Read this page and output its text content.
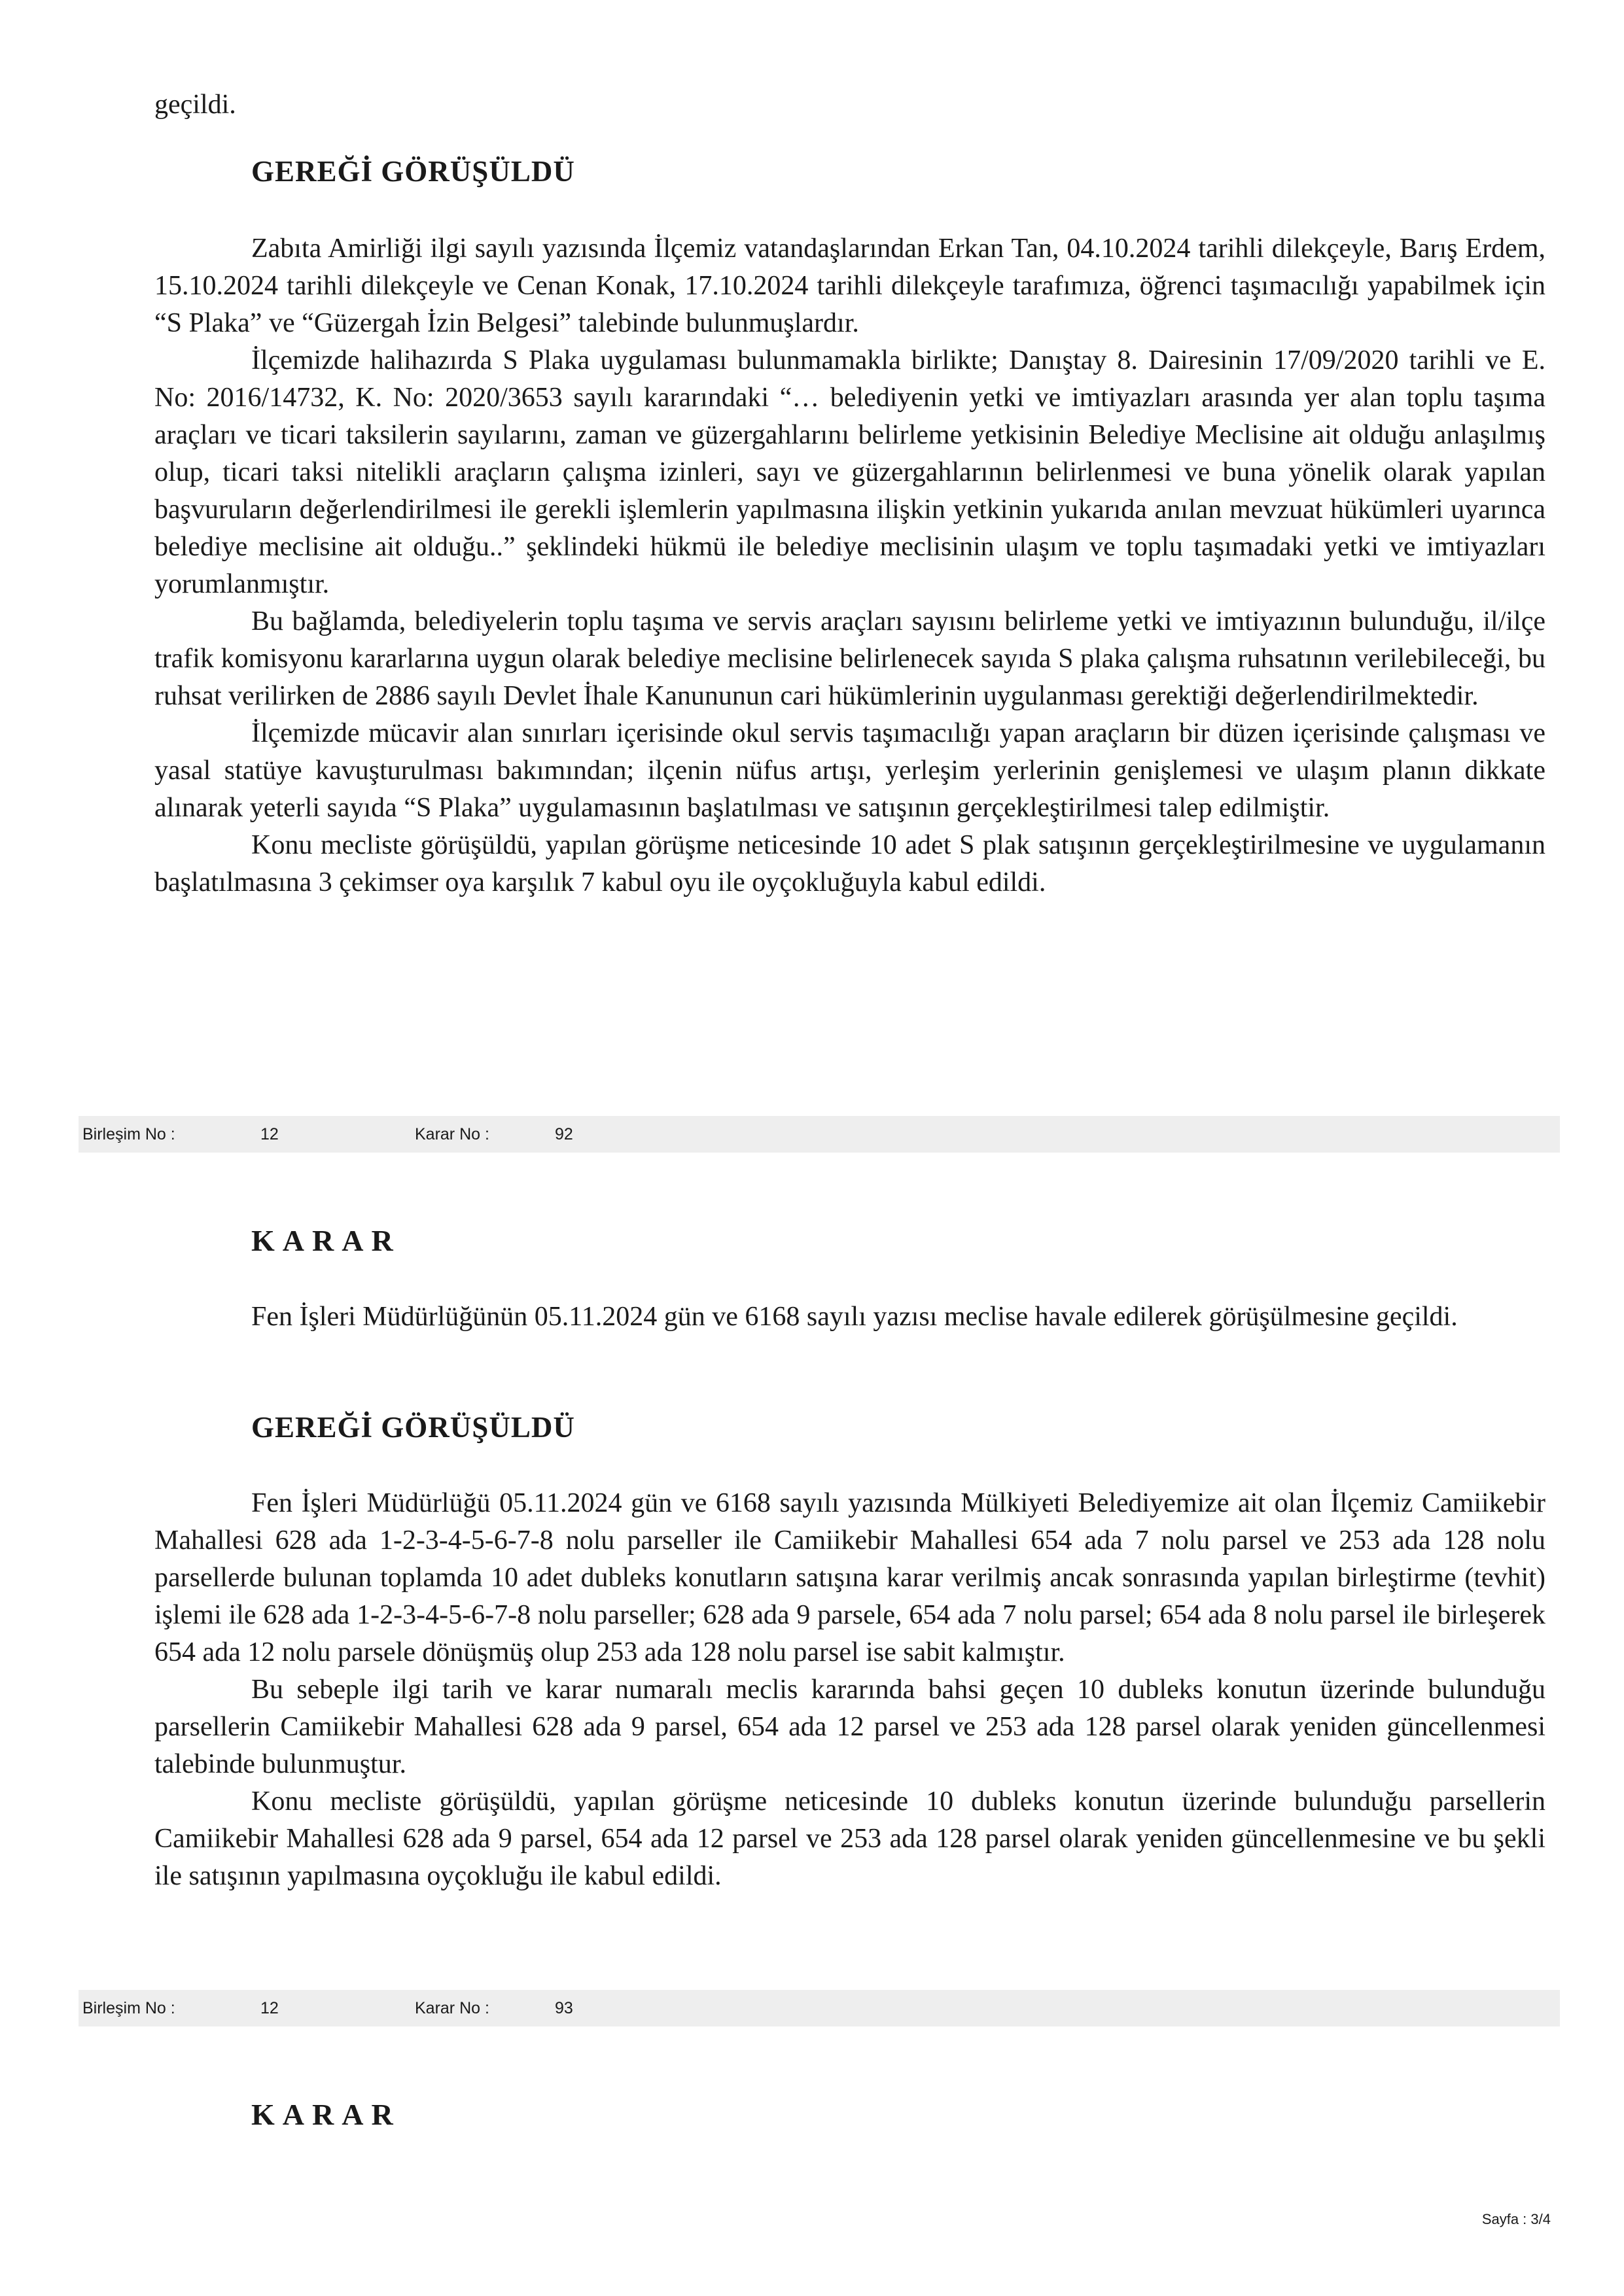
geçildi.

GEREĞİ GÖRÜŞÜLDÜ

Zabıta Amirliği ilgi sayılı yazısında İlçemiz vatandaşlarından Erkan Tan, 04.10.2024 tarihli dilekçeyle, Barış Erdem, 15.10.2024 tarihli dilekçeyle ve Cenan Konak, 17.10.2024 tarihli dilekçeyle tarafımıza, öğrenci taşımacılığı yapabilmek için “S Plaka” ve “Güzergah İzin Belgesi” talebinde bulunmuşlardır.

İlçemizde halihazırda S Plaka uygulaması bulunmamakla birlikte; Danıştay 8. Dairesinin 17/09/2020 tarihli ve E. No: 2016/14732, K. No: 2020/3653 sayılı kararındaki “… belediyenin yetki ve imtiyazları arasında yer alan toplu taşıma araçları ve ticari taksilerin sayılarını, zaman ve güzergahlarını belirleme yetkisinin Belediye Meclisine ait olduğu anlaşılmış olup, ticari taksi nitelikli araçların çalışma izinleri, sayı ve güzergahlarının belirlenmesi ve buna yönelik olarak yapılan başvuruların değerlendirilmesi ile gerekli işlemlerin yapılmasına ilişkin yetkinin yukarıda anılan mevzuat hükümleri uyarınca belediye meclisine ait olduğu..” şeklindeki hükmü ile belediye meclisinin ulaşım ve toplu taşımadaki yetki ve imtiyazları yorumlanmıştır.

Bu bağlamda, belediyelerin toplu taşıma ve servis araçları sayısını belirleme yetki ve imtiyazının bulunduğu, il/ilçe trafik komisyonu kararlarına uygun olarak belediye meclisine belirlenecek sayıda S plaka çalışma ruhsatının verilebileceği, bu ruhsat verilirken de 2886 sayılı Devlet İhale Kanununun cari hükümlerinin uygulanması gerektiği değerlendirilmektedir.

İlçemizde mücavir alan sınırları içerisinde okul servis taşımacılığı yapan araçların bir düzen içerisinde çalışması ve yasal statüye kavuşturulması bakımından; ilçenin nüfus artışı, yerleşim yerlerinin genişlemesi ve ulaşım planın dikkate alınarak yeterli sayıda “S Plaka” uygulamasının başlatılması ve satışının gerçekleştirilmesi talep edilmiştir.

Konu mecliste görüşüldü, yapılan görüşme neticesinde 10 adet S plak satışının gerçekleştirilmesine ve uygulamanın başlatılmasına 3 çekimser oya karşılık 7 kabul oyu ile oyçokluğuyla kabul edildi.

Birleşim No :	12	Karar No :	92
KARAR

Fen İşleri Müdürlüğünün 05.11.2024 gün ve 6168 sayılı yazısı meclise havale edilerek görüşülmesine geçildi.

GEREĞİ GÖRÜŞÜLDÜ

Fen İşleri Müdürlüğü 05.11.2024 gün ve 6168 sayılı yazısında Mülkiyeti Belediyemize ait olan İlçemiz Camiikebir Mahallesi 628 ada 1-2-3-4-5-6-7-8 nolu parseller ile Camiikebir Mahallesi 654 ada 7 nolu parsel ve 253 ada 128 nolu parsellerde bulunan toplamda 10 adet dubleks konutların satışına karar verilmiş ancak sonrasında yapılan birleştirme (tevhit) işlemi ile 628 ada 1-2-3-4-5-6-7-8 nolu parseller; 628 ada 9 parsele, 654 ada 7 nolu parsel; 654 ada 8 nolu parsel ile birleşerek 654 ada 12 nolu parsele dönüşmüş olup 253 ada 128 nolu parsel ise sabit kalmıştır.

Bu sebeple ilgi tarih ve karar numaralı meclis kararında bahsi geçen 10 dubleks konutun üzerinde bulunduğu parsellerin Camiikebir Mahallesi 628 ada 9 parsel, 654 ada 12 parsel ve 253 ada 128 parsel olarak yeniden güncellenmesi talebinde bulunmuştur.

Konu mecliste görüşüldü, yapılan görüşme neticesinde 10 dubleks konutun üzerinde bulunduğu parsellerin Camiikebir Mahallesi 628 ada 9 parsel, 654 ada 12 parsel ve 253 ada 128 parsel olarak yeniden güncellenmesine ve bu şekli ile satışının yapılmasına oyçokluğu ile kabul edildi.

Birleşim No :	12	Karar No :	93
KARAR
Sayfa : 3/4
